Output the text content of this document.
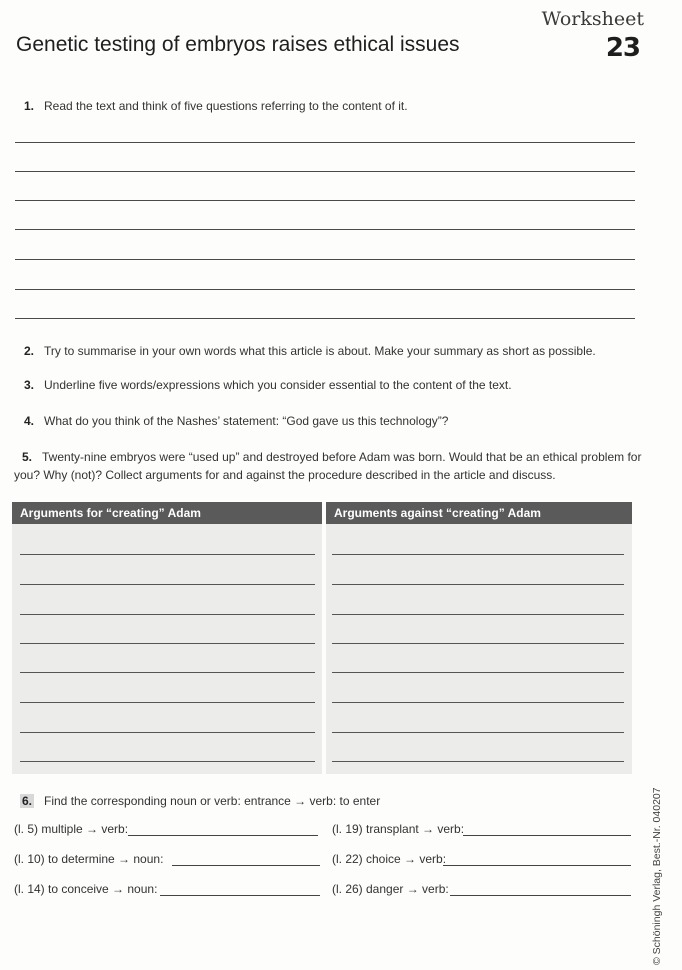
Worksheet
23
Genetic testing of embryos raises ethical issues
1. Read the text and think of five questions referring to the content of it.
2. Try to summarise in your own words what this article is about. Make your summary as short as possible.
3. Underline five words/expressions which you consider essential to the content of the text.
4. What do you think of the Nashes’ statement: “God gave us this technology”?
5. Twenty-nine embryos were “used up” and destroyed before Adam was born. Would that be an ethical problem for you? Why (not)? Collect arguments for and against the procedure described in the article and discuss.
Arguments for “creating” Adam	Arguments against “creating” Adam
6. Find the corresponding noun or verb: entrance → verb: to enter
(l. 5) multiple → verb:
(l. 10) to determine → noun:
(l. 14) to conceive → noun:
(l. 19) transplant → verb:
(l. 22) choice → verb:
(l. 26) danger → verb:	© Schöningh Verlag, Best.-Nr. 040207
